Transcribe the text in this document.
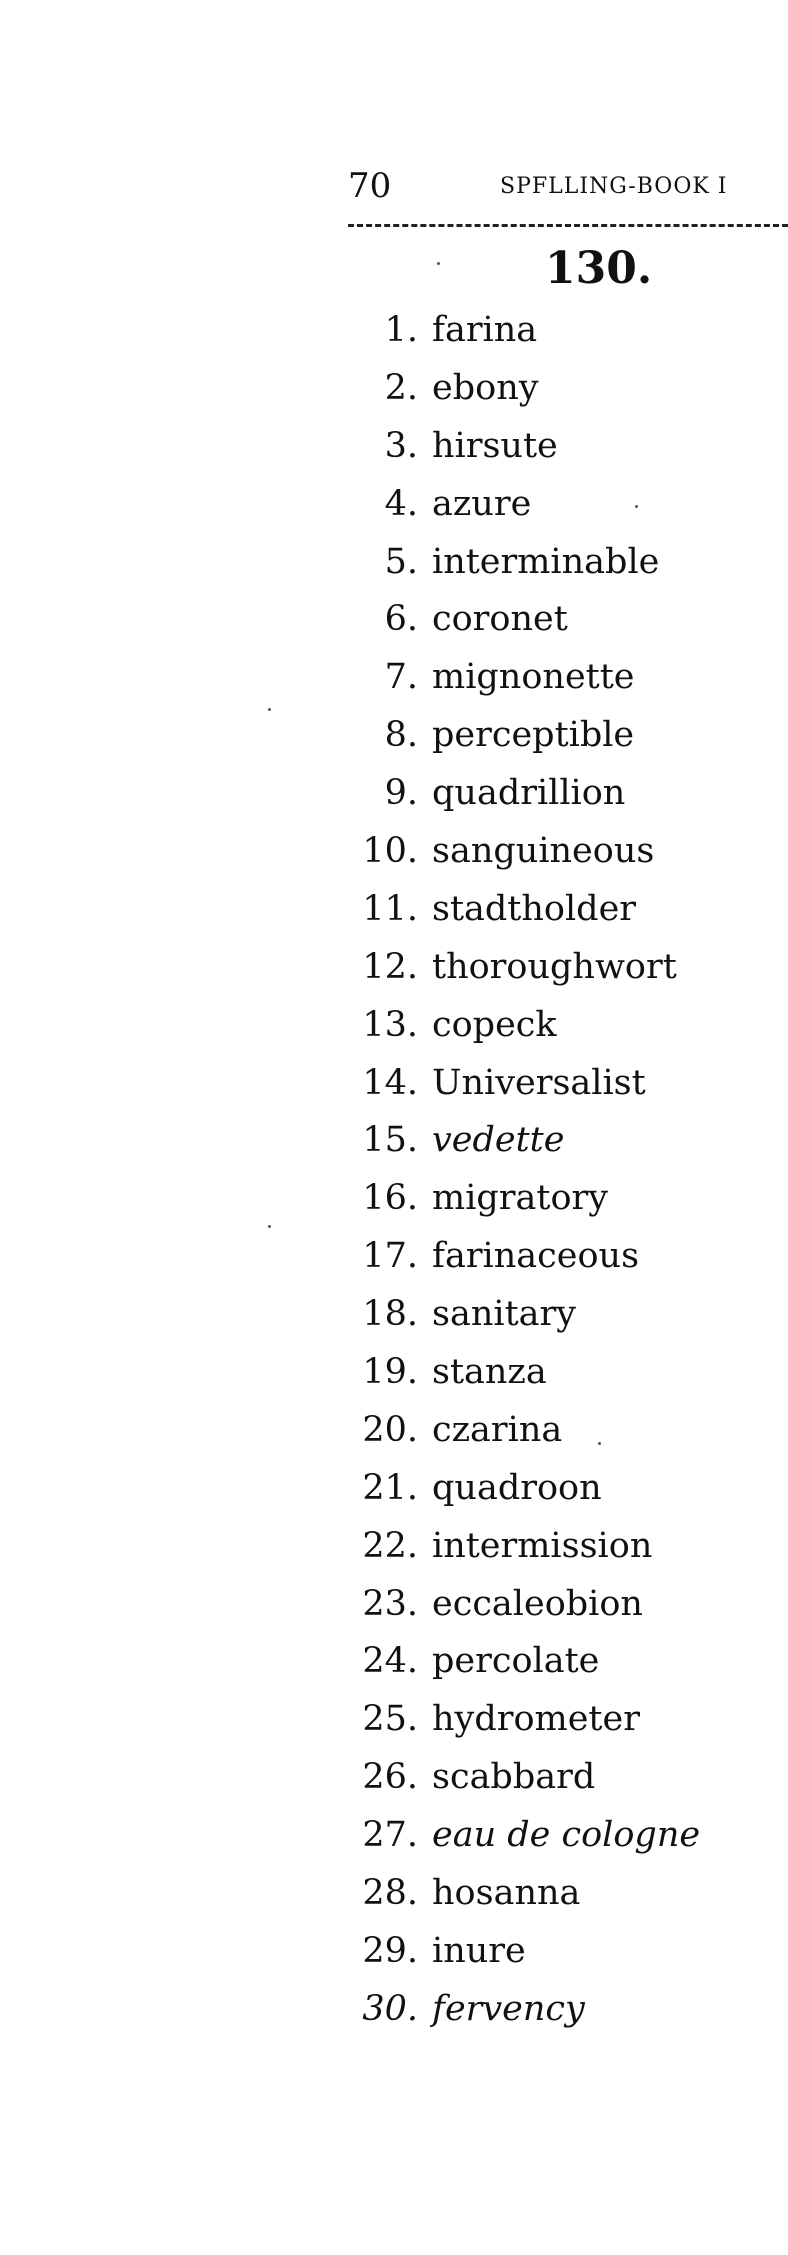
70	SPFLLING-BOOK I
130.
1. farina
2. ebony
3. hirsute
4. azure
5. interminable
6. coronet
7. mignonette
8. perceptible
9. quadrillion
10. sanguineous
11. stadtholder
12. thoroughwort
13. copeck
14. Universalist
15. vedette
16. migratory
17. farinaceous
18. sanitary
19. stanza
20. czarina
21. quadroon
22. intermission
23. eccaleobion
24. percolate
25. hydrometer
26. scabbard
27. eau de cologne
28. hosanna
29. inure
30. fervency
